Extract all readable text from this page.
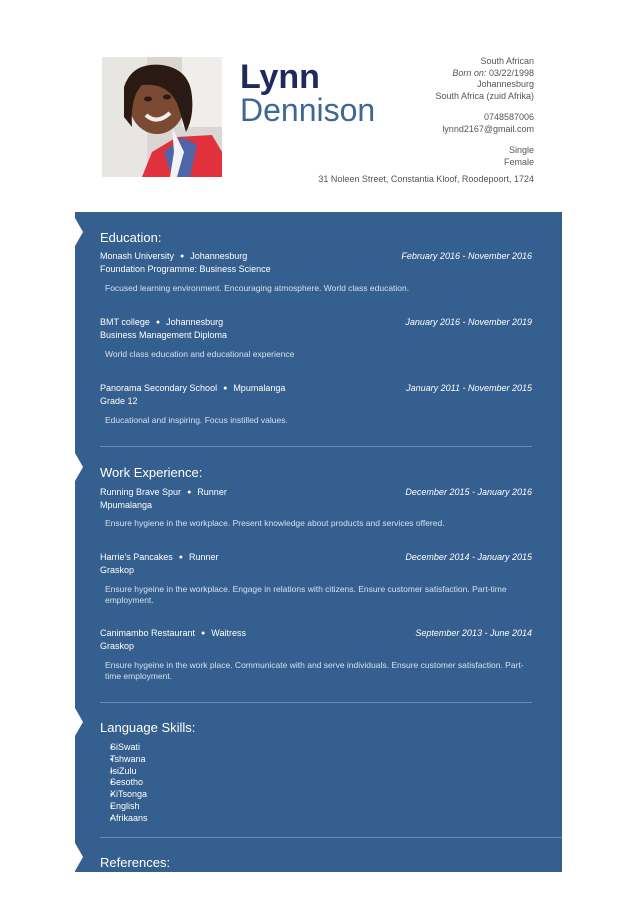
Lynn
Dennison
South African
Born on: 03/22/1998
Johannesburg
South Africa (zuid Afrika)
0748587006
lynnd2167@gmail.com
Single
Female
31 Noleen Street, Constantia Kloof, Roodepoort, 1724
Education:
Monash University ● Johannesburg	February 2016 - November 2016
Foundation Programme: Business Science
Focused learning environment. Encouraging atmosphere. World class education.
BMT college ● Johannesburg	January 2016 - November 2019
Business Management Diploma
World class education and educational experience
Panorama Secondary School ● Mpumalanga	January 2011 - November 2015
Grade 12
Educational and inspiring. Focus instilled values.
Work Experience:
Running Brave Spur ● Runner	December 2015 - January 2016
Mpumalanga
Ensure hygiene in the workplace. Present knowledge about products and services offered.
Harrie's Pancakes ● Runner	December 2014 - January 2015
Graskop
Ensure hygeine in the workplace. Engage in relations with citizens. Ensure customer satisfaction. Part-time employment.
Canimambo Restaurant ● Waitress	September 2013 - June 2014
Graskop
Ensure hygeine in the work place. Communicate with and serve individuals. Ensure customer satisfaction. Part-time employment.
Language Skills:
• SiSwati
• Tshwana
• IsiZulu
• Sesotho
• XiTsonga
• English
• Afrikaans
References:
